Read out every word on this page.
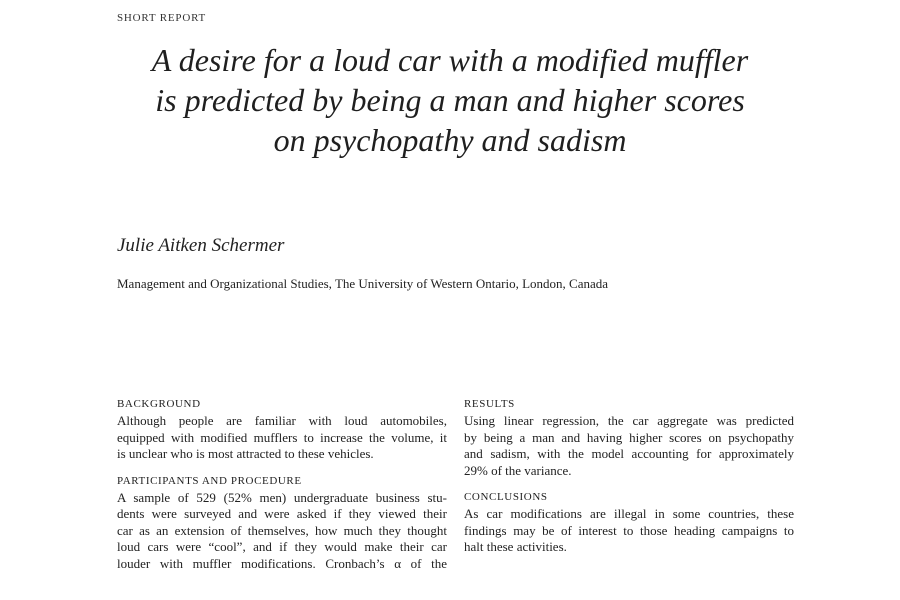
SHORT REPORT
A desire for a loud car with a modified muffler
is predicted by being a man and higher scores
on psychopathy and sadism
Julie Aitken Schermer
Management and Organizational Studies, The University of Western Ontario, London, Canada
BACKGROUND

Although people are familiar with loud automobiles,
equipped with modified mufflers to increase the volume, it
is unclear who is most attracted to these vehicles.

PARTICIPANTS AND PROCEDURE

A sample of 529 (52% men) undergraduate business stu-
dents were surveyed and were asked if they viewed their
car as an extension of themselves, how much they thought
loud cars were “cool”, and if they would make their car
louder with muffler modifications. Cronbach’s α of the

RESULTS

Using linear regression, the car aggregate was predicted
by being a man and having higher scores on psychopathy
and sadism, with the model accounting for approximately
29% of the variance.

CONCLUSIONS

As car modifications are illegal in some countries, these
findings may be of interest to those heading campaigns to
halt these activities.
